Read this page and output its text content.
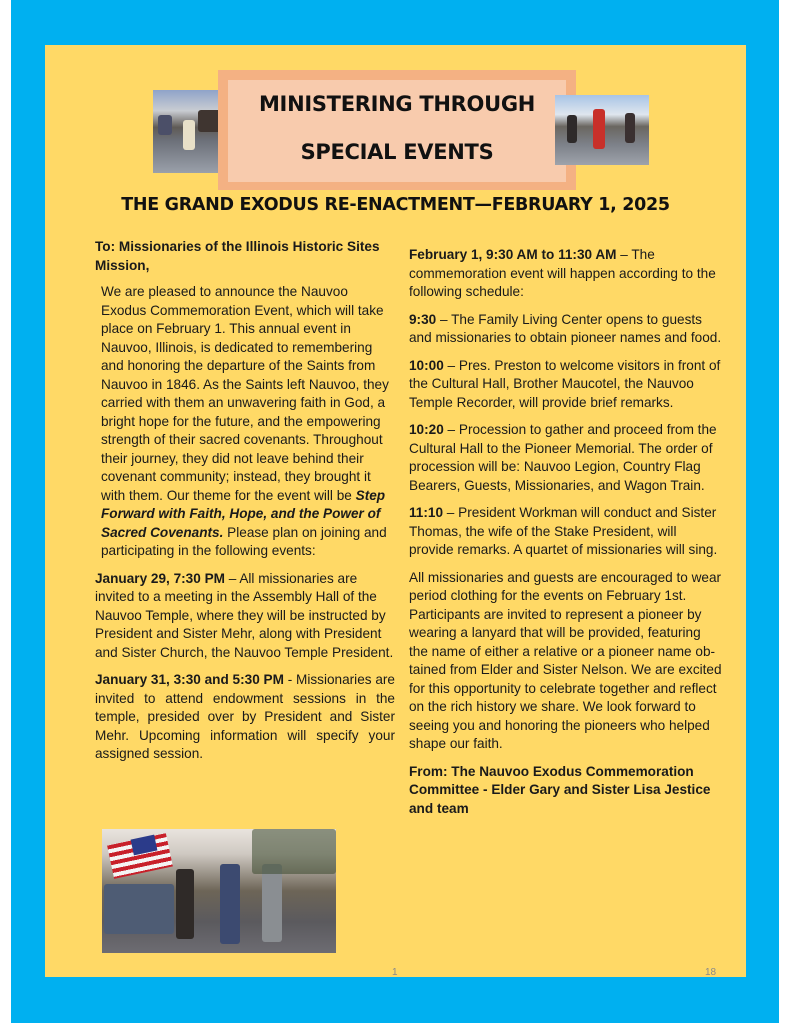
MINISTERING THROUGH
SPECIAL EVENTS
THE GRAND EXODUS RE-ENACTMENT—FEBRUARY 1, 2025

To: Missionaries of the Illinois Historic Sites Mission,

We are pleased to announce the Nauvoo Exodus Commemoration Event, which will take place on February 1. This annual event in Nauvoo, Illinois, is dedicated to remembering and honoring the departure of the Saints from Nauvoo in 1846. As the Saints left Nauvoo, they carried with them an unwavering faith in God, a bright hope for the future, and the empowering strength of their sacred covenants. Throughout their journey, they did not leave behind their covenant community; instead, they brought it with them. Our theme for the event will be Step Forward with Faith, Hope, and the Power of Sacred Covenants. Please plan on joining and participating in the following events:

January 29, 7:30 PM – All missionaries are invited to a meeting in the Assembly Hall of the Nauvoo Temple, where they will be instructed by President and Sister Mehr, along with President and Sister Church, the Nauvoo Temple President.

January 31, 3:30 and 5:30 PM - Missionaries are invited to attend endowment sessions in the temple, presided over by President and Sister Mehr. Upcoming information will specify your assigned session.

February 1, 9:30 AM to 11:30 AM – The commemoration event will happen according to the following schedule:

9:30 – The Family Living Center opens to guests and missionaries to obtain pioneer names and food.

10:00 – Pres. Preston to welcome visitors in front of the Cultural Hall, Brother Maucotel, the Nauvoo Temple Recorder, will provide brief remarks.

10:20 – Procession to gather and proceed from the Cultural Hall to the Pioneer Memorial. The order of procession will be: Nauvoo Legion, Country Flag Bearers, Guests, Missionaries, and Wagon Train.

11:10 – President Workman will conduct and Sister Thomas, the wife of the Stake President, will provide remarks. A quartet of missionaries will sing.

All missionaries and guests are encouraged to wear period clothing for the events on February 1st. Participants are invited to represent a pioneer by wearing a lanyard that will be provided, featuring the name of either a relative or a pioneer name obtained from Elder and Sister Nelson. We are excited for this opportunity to celebrate together and reflect on the rich history we share. We look forward to seeing you and honoring the pioneers who helped shape our faith.

From: The Nauvoo Exodus Commemoration Committee - Elder Gary and Sister Lisa Jestice and team

1	18
